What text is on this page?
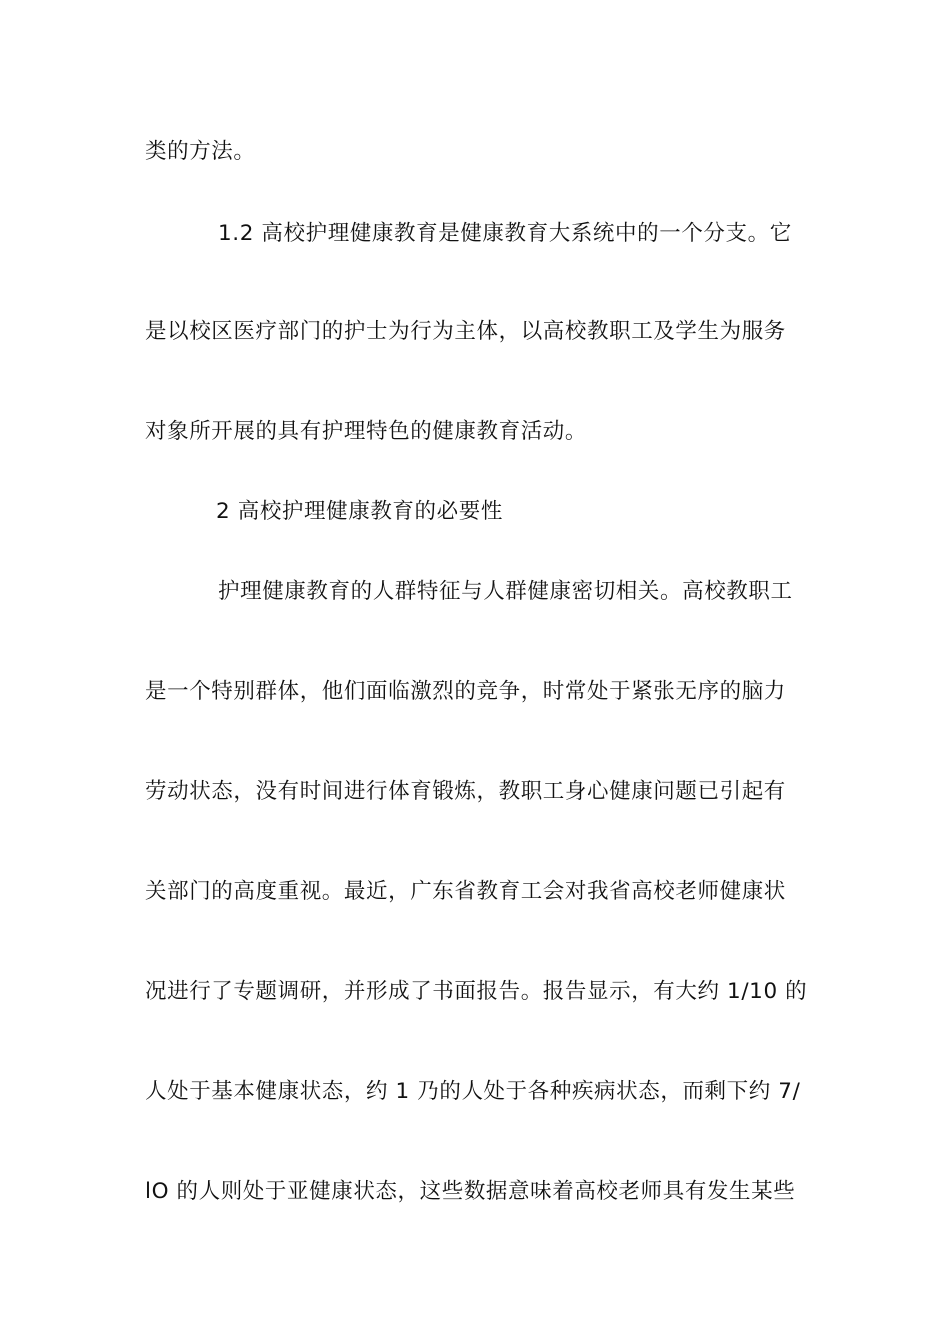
类的方法。
1.2 高校护理健康教育是健康教育大系统中的一个分支。它
是以校区医疗部门的护士为行为主体，以高校教职工及学生为服务
对象所开展的具有护理特色的健康教育活动。
2 高校护理健康教育的必要性
护理健康教育的人群特征与人群健康密切相关。高校教职工
是一个特别群体，他们面临激烈的竞争，时常处于紧张无序的脑力
劳动状态，没有时间进行体育锻炼，教职工身心健康问题已引起有
关部门的高度重视。最近，广东省教育工会对我省高校老师健康状
况进行了专题调研，并形成了书面报告。报告显示，有大约 1/10 的
人处于基本健康状态，约 1 乃的人处于各种疾病状态，而剩下约 7/
lO 的人则处于亚健康状态，这些数据意味着高校老师具有发生某些
